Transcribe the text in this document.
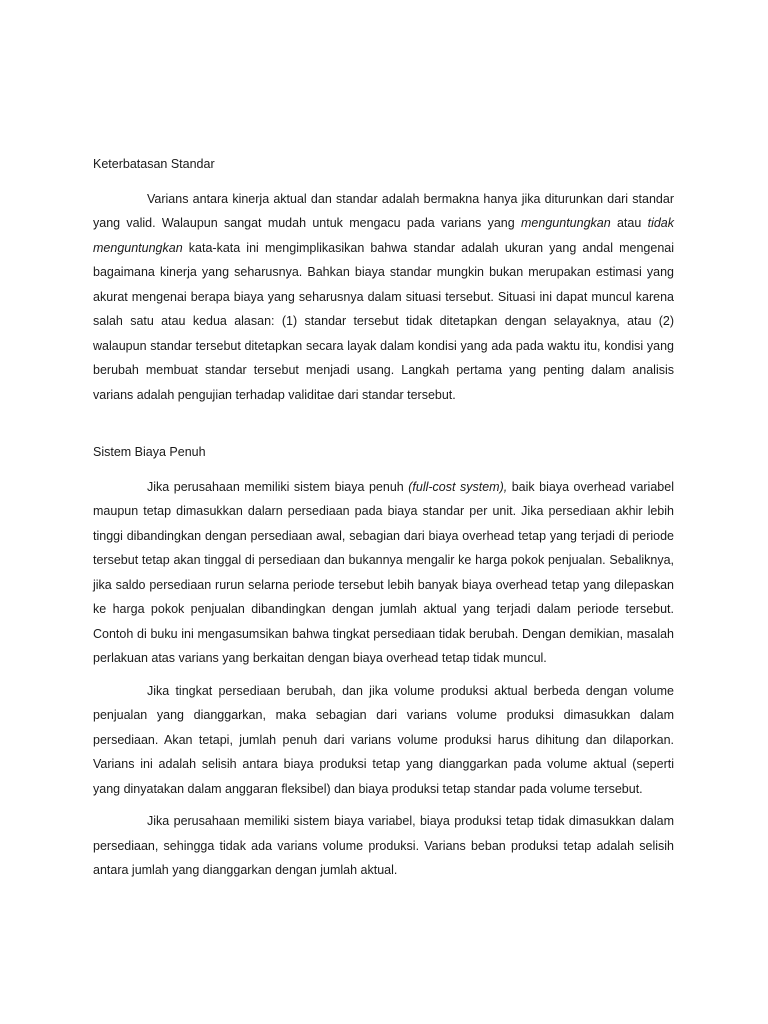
Keterbatasan Standar

Varians antara kinerja aktual dan standar adalah bermakna hanya jika diturunkan dari standar yang valid. Walaupun sangat mudah untuk mengacu pada varians yang menguntungkan atau tidak menguntungkan kata-kata ini mengimplikasikan bahwa standar adalah ukuran yang andal mengenai bagaimana kinerja yang seharusnya. Bahkan biaya standar mungkin bukan merupakan estimasi yang akurat mengenai berapa biaya yang seharusnya dalam situasi tersebut. Situasi ini dapat muncul karena salah satu atau kedua alasan: (1) standar tersebut tidak ditetapkan dengan selayaknya, atau (2) walaupun standar tersebut ditetapkan secara layak dalam kondisi yang ada pada waktu itu, kondisi yang berubah membuat standar tersebut menjadi usang. Langkah pertama yang penting dalam analisis varians adalah pengujian terhadap validitae dari standar tersebut.

Sistem Biaya Penuh

Jika perusahaan memiliki sistem biaya penuh (full-cost system), baik biaya overhead variabel maupun tetap dimasukkan dalarn persediaan pada biaya standar per unit. Jika persediaan akhir lebih tinggi dibandingkan dengan persediaan awal, sebagian dari biaya overhead tetap yang terjadi di periode tersebut tetap akan tinggal di persediaan dan bukannya mengalir ke harga pokok penjualan. Sebaliknya, jika saldo persediaan rurun selarna periode tersebut lebih banyak biaya overhead tetap yang dilepaskan ke harga pokok penjualan dibandingkan dengan jumlah aktual yang terjadi dalam periode tersebut. Contoh di buku ini mengasumsikan bahwa tingkat persediaan tidak berubah. Dengan demikian, masalah perlakuan atas varians yang berkaitan dengan biaya overhead tetap tidak muncul.

Jika tingkat persediaan berubah, dan jika volume produksi aktual berbeda dengan volume penjualan yang dianggarkan, maka sebagian dari varians volume produksi dimasukkan dalam persediaan. Akan tetapi, jumlah penuh dari varians volume produksi harus dihitung dan dilaporkan. Varians ini adalah selisih antara biaya produksi tetap yang dianggarkan pada volume aktual (seperti yang dinyatakan dalam anggaran fleksibel) dan biaya produksi tetap standar pada volume tersebut.

Jika perusahaan memiliki sistem biaya variabel, biaya produksi tetap tidak dimasukkan dalam persediaan, sehingga tidak ada varians volume produksi. Varians beban produksi tetap adalah selisih antara jumlah yang dianggarkan dengan jumlah aktual.
